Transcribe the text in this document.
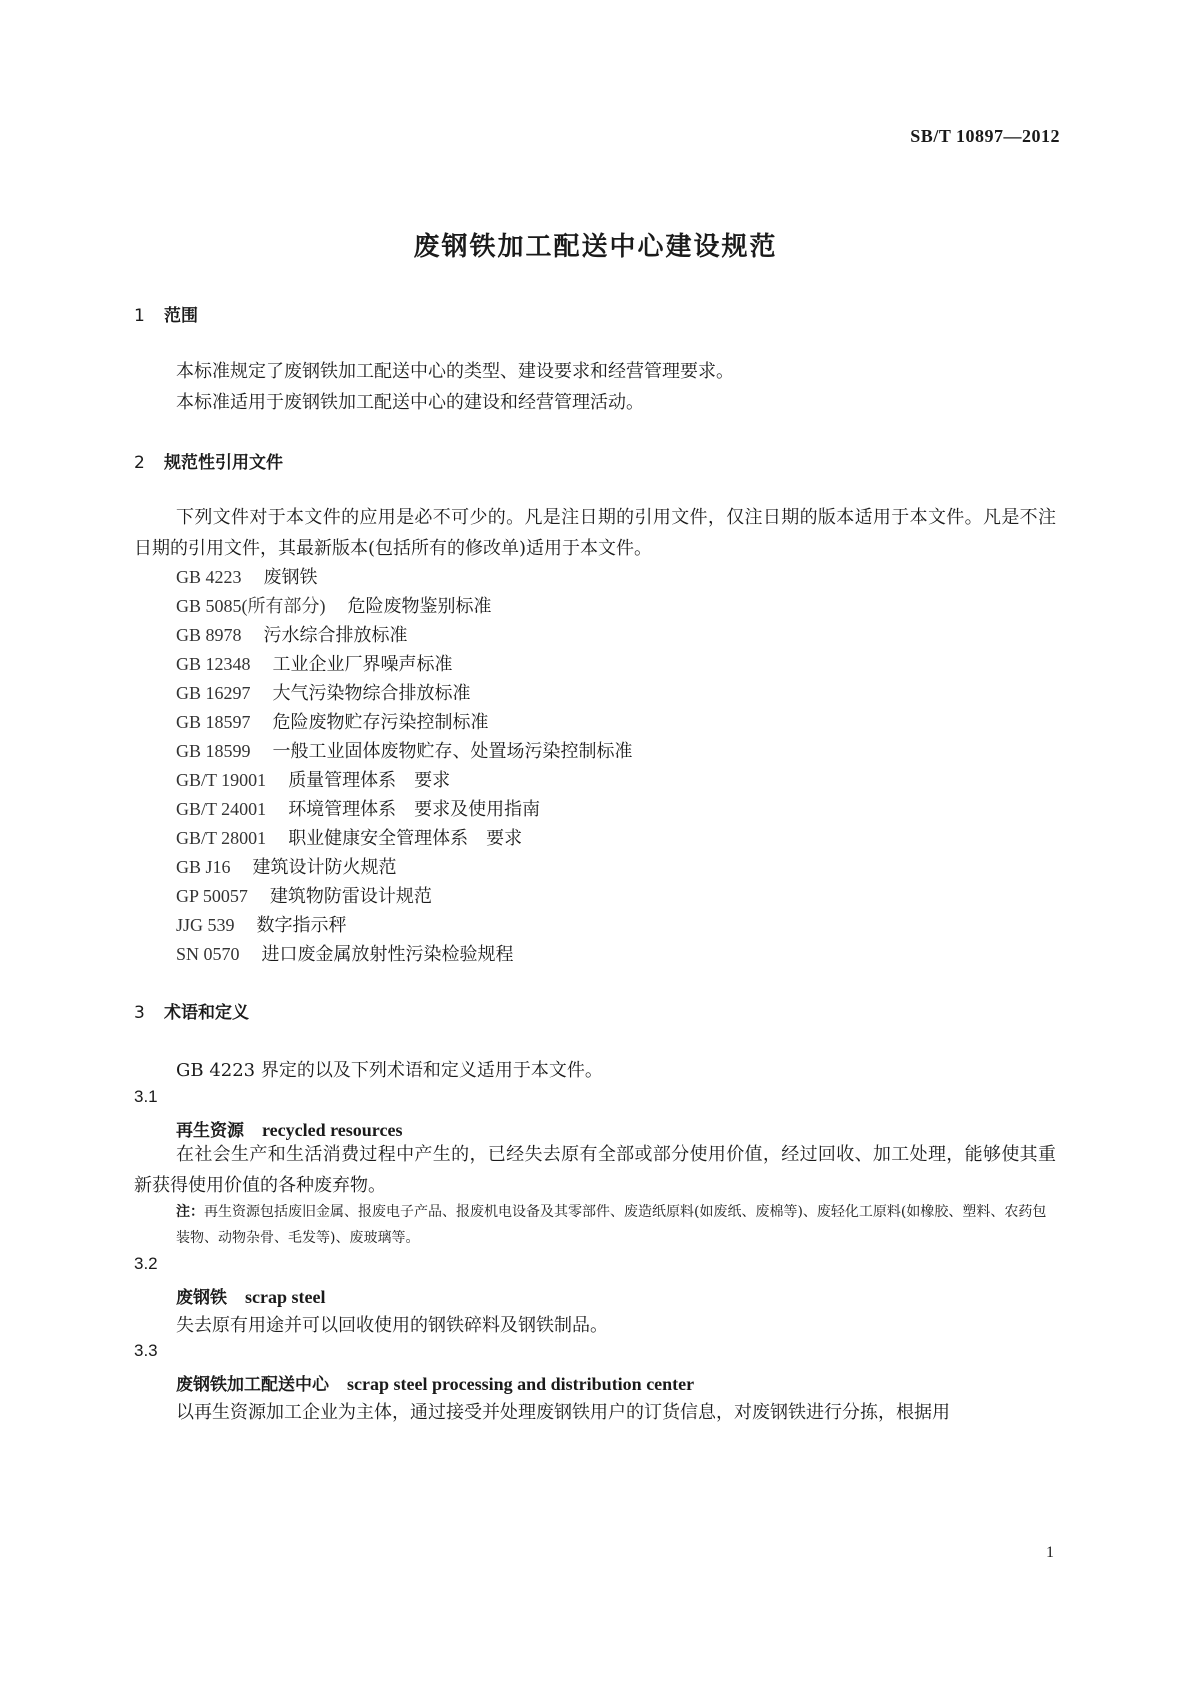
SB/T 10897—2012
废钢铁加工配送中心建设规范
1 范围
本标准规定了废钢铁加工配送中心的类型、建设要求和经营管理要求。
本标准适用于废钢铁加工配送中心的建设和经营管理活动。
2 规范性引用文件
下列文件对于本文件的应用是必不可少的。凡是注日期的引用文件，仅注日期的版本适用于本文件。凡是不注日期的引用文件，其最新版本(包括所有的修改单)适用于本文件。
GB 4223 废钢铁
GB 5085(所有部分) 危险废物鉴别标准
GB 8978 污水综合排放标准
GB 12348 工业企业厂界噪声标准
GB 16297 大气污染物综合排放标准
GB 18597 危险废物贮存污染控制标准
GB 18599 一般工业固体废物贮存、处置场污染控制标准
GB/T 19001 质量管理体系　要求
GB/T 24001 环境管理体系　要求及使用指南
GB/T 28001 职业健康安全管理体系　要求
GB J16 建筑设计防火规范
GP 50057 建筑物防雷设计规范
JJG 539 数字指示秤
SN 0570 进口废金属放射性污染检验规程
3 术语和定义
GB 4223 界定的以及下列术语和定义适用于本文件。
3.1
再生资源 recycled resources
在社会生产和生活消费过程中产生的，已经失去原有全部或部分使用价值，经过回收、加工处理，能够使其重新获得使用价值的各种废弃物。
注：再生资源包括废旧金属、报废电子产品、报废机电设备及其零部件、废造纸原料(如废纸、废棉等)、废轻化工原料(如橡胶、塑料、农药包装物、动物杂骨、毛发等)、废玻璃等。
3.2
废钢铁 scrap steel
失去原有用途并可以回收使用的钢铁碎料及钢铁制品。
3.3
废钢铁加工配送中心 scrap steel processing and distribution center
以再生资源加工企业为主体，通过接受并处理废钢铁用户的订货信息，对废钢铁进行分拣，根据用
1
